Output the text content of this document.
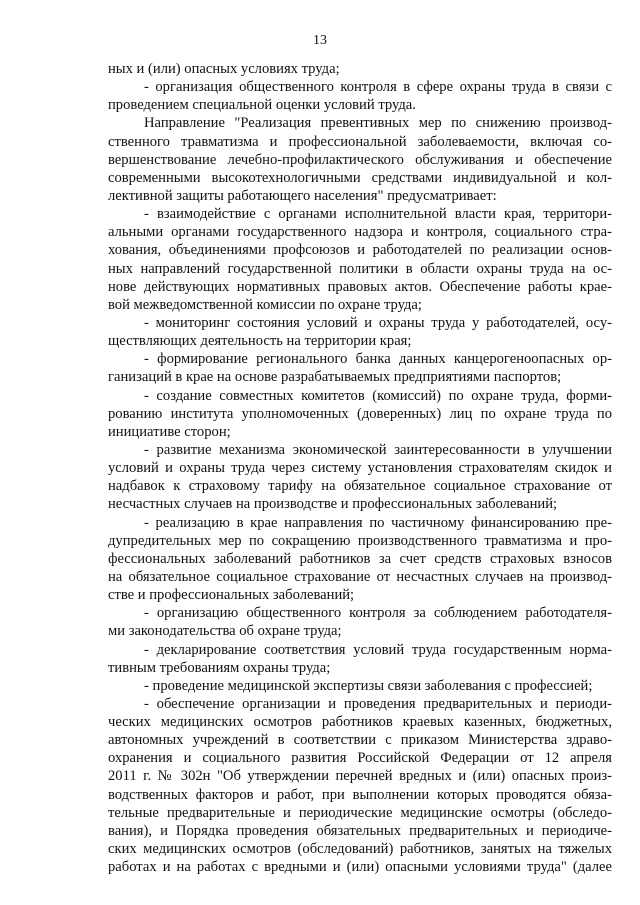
13
ных и (или) опасных условиях труда;
- организация общественного контроля в сфере охраны труда в связи с
проведением специальной оценки условий труда.
Направление "Реализация превентивных мер по снижению производ-
ственного травматизма и профессиональной заболеваемости, включая со-
вершенствование лечебно-профилактического обслуживания и обеспечение
современными высокотехнологичными средствами индивидуальной и кол-
лективной защиты работающего населения" предусматривает:
- взаимодействие с органами исполнительной власти края, территори-
альными органами государственного надзора и контроля, социального стра-
хования, объединениями профсоюзов и работодателей по реализации основ-
ных направлений государственной политики в области охраны труда на ос-
нове действующих нормативных правовых актов. Обеспечение работы крае-
вой межведомственной комиссии по охране труда;
- мониторинг состояния условий и охраны труда у работодателей, осу-
ществляющих деятельность на территории края;
- формирование регионального банка данных канцерогеноопасных ор-
ганизаций в крае на основе разрабатываемых предприятиями паспортов;
- создание совместных комитетов (комиссий) по охране труда, форми-
рованию института уполномоченных (доверенных) лиц по охране труда по
инициативе сторон;
- развитие механизма экономической заинтересованности в улучшении
условий и охраны труда через систему установления страхователям скидок и
надбавок к страховому тарифу на обязательное социальное страхование от
несчастных случаев на производстве и профессиональных заболеваний;
- реализацию в крае направления по частичному финансированию пре-
дупредительных мер по сокращению производственного травматизма и про-
фессиональных заболеваний работников за счет средств страховых взносов
на обязательное социальное страхование от несчастных случаев на производ-
стве и профессиональных заболеваний;
- организацию общественного контроля за соблюдением работодателя-
ми законодательства об охране труда;
- декларирование соответствия условий труда государственным норма-
тивным требованиям охраны труда;
- проведение медицинской экспертизы связи заболевания с профессией;
- обеспечение организации и проведения предварительных и периоди-
ческих медицинских осмотров работников краевых казенных, бюджетных,
автономных учреждений в соответствии с приказом Министерства здраво-
охранения и социального развития Российской Федерации от 12 апреля
2011 г. № 302н "Об утверждении перечней вредных и (или) опасных произ-
водственных факторов и работ, при выполнении которых проводятся обяза-
тельные предварительные и периодические медицинские осмотры (обследо-
вания), и Порядка проведения обязательных предварительных и периодиче-
ских медицинских осмотров (обследований) работников, занятых на тяжелых
работах и на работах с вредными и (или) опасными условиями труда" (далее
